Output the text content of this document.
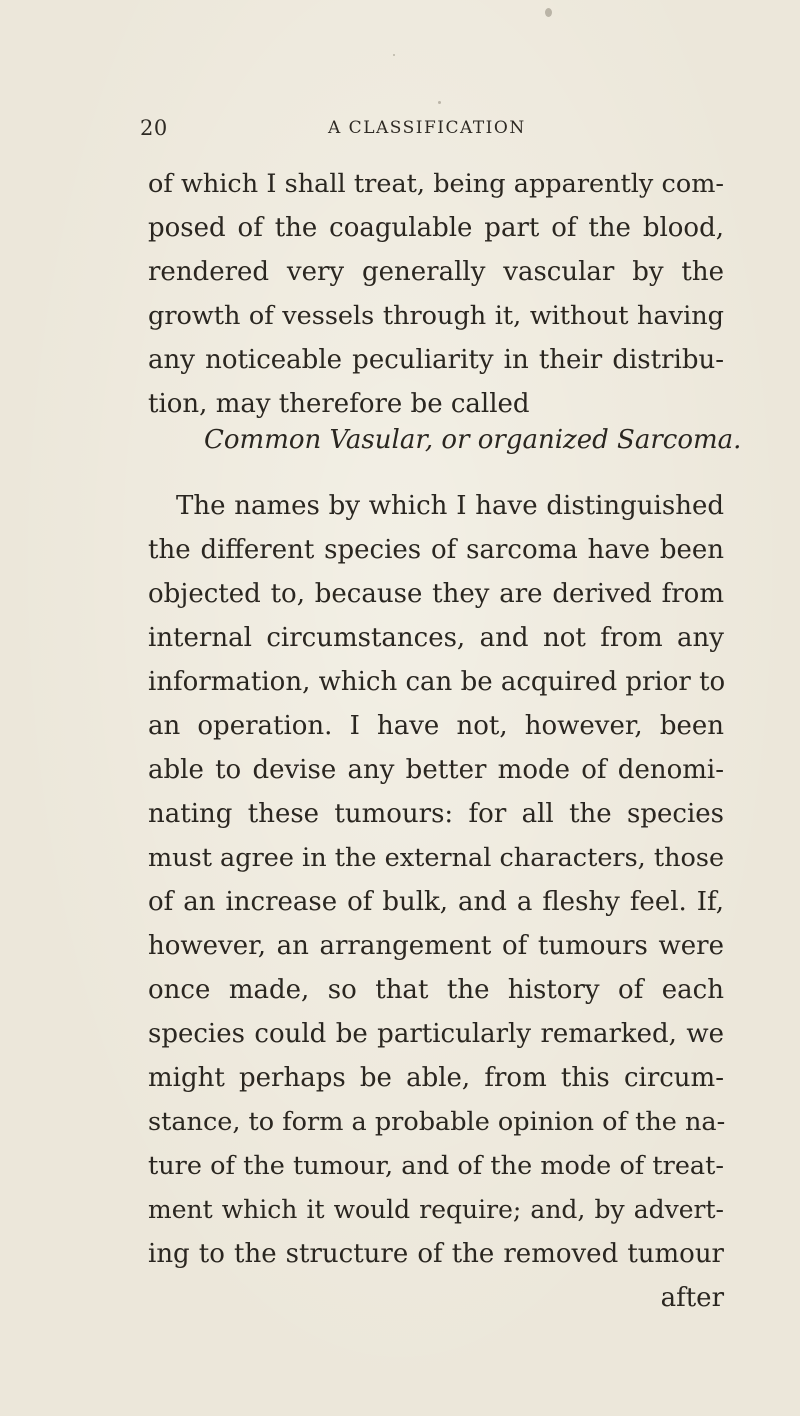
20	A CLASSIFICATION
of which I shall treat, being apparently com-
posed of the coagulable part of the blood,
rendered very generally vascular by the
growth of vessels through it, without having
any noticeable peculiarity in their distribu-
tion, may therefore be called
Common Vasular, or organized Sarcoma.
The names by which I have distinguished
the different species of sarcoma have been
objected to, because they are derived from
internal circumstances, and not from any
information, which can be acquired prior to
an operation. I have not, however, been
able to devise any better mode of denomi-
nating these tumours: for all the species
must agree in the external characters, those
of an increase of bulk, and a fleshy feel. If,
however, an arrangement of tumours were
once made, so that the history of each
species could be particularly remarked, we
might perhaps be able, from this circum-
stance, to form a probable opinion of the na-
ture of the tumour, and of the mode of treat-
ment which it would require; and, by advert-
ing to the structure of the removed tumour
after
